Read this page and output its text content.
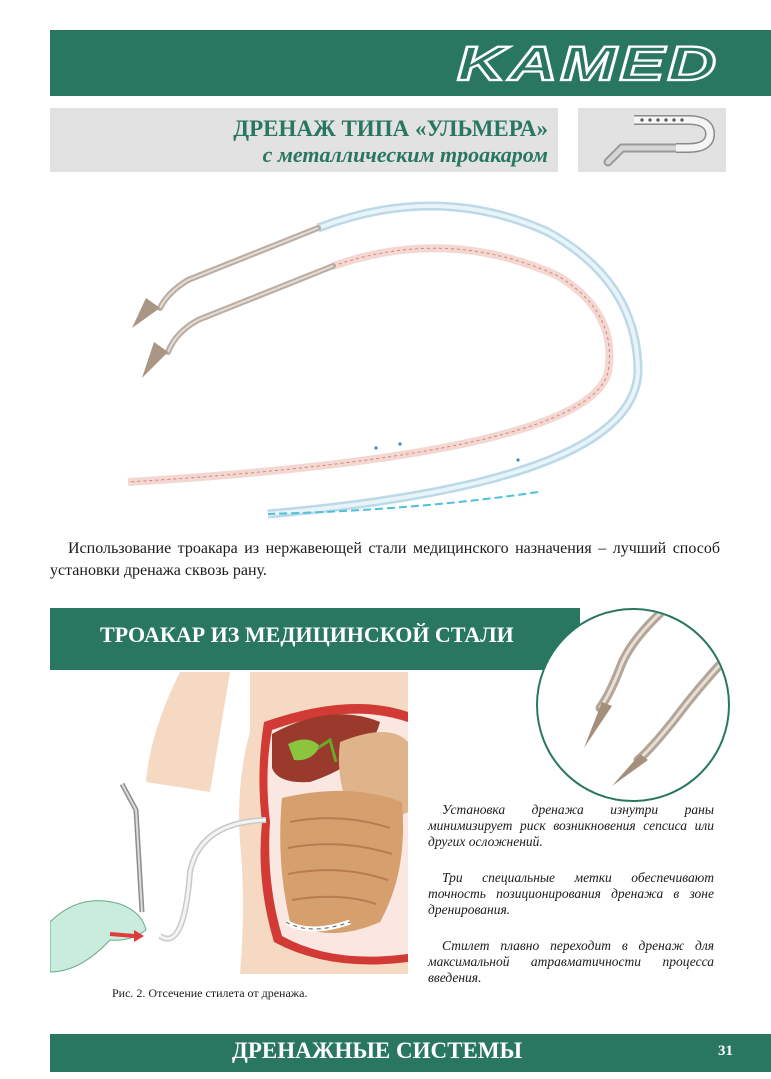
KAMED
ДРЕНАЖ ТИПА «УЛЬМЕРА»
с металлическим троакаром
Использование троакара из нержавеющей стали медицинского назначения – лучший способ установки дренажа сквозь рану.
ТРОАКАР ИЗ МЕДИЦИНСКОЙ СТАЛИ
Рис. 2. Отсечение стилета от дренажа.
Установка дренажа изнутри раны минимизирует риск возникновения сепсиса или других осложнений.
Три специальные метки обеспечивают точность позиционирования дренажа в зоне дренирования.
Стилет плавно переходит в дренаж для максимальной атравматичности процесса введения.
ДРЕНАЖНЫЕ СИСТЕМЫ	31
